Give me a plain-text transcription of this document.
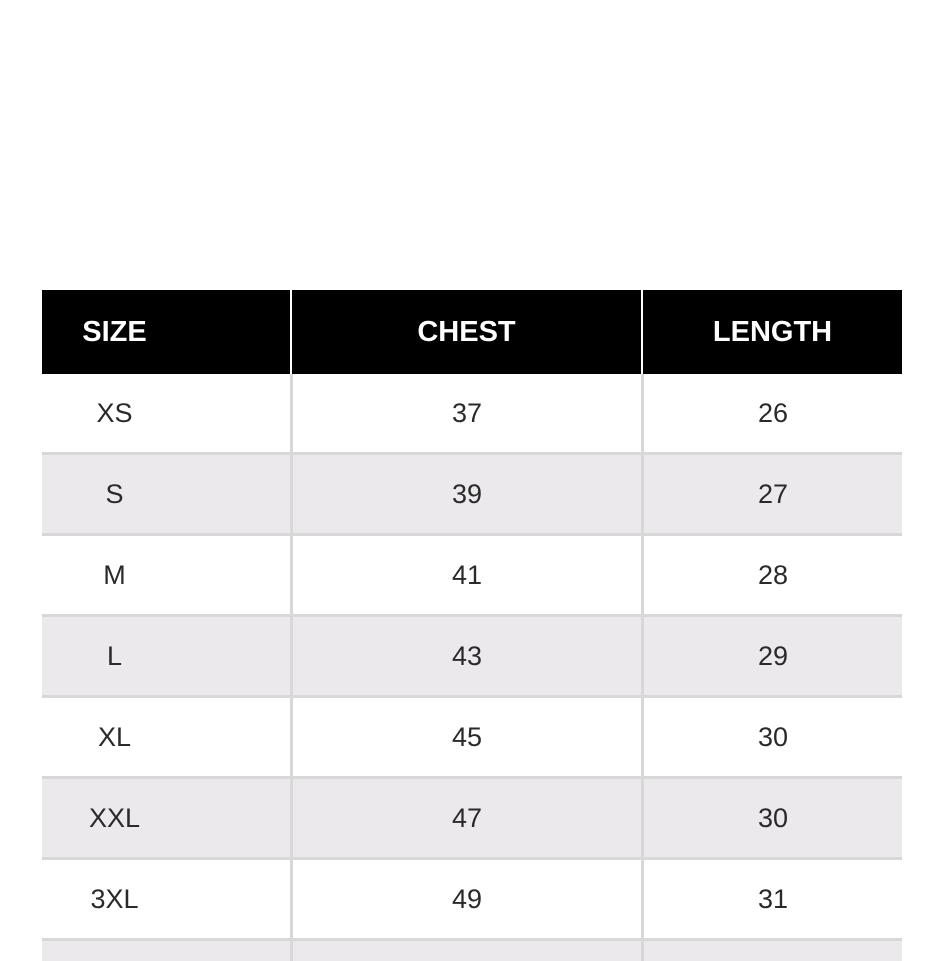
SIZE	CHEST	LENGTH
XS	37	26
S	39	27
M	41	28
L	43	29
XL	45	30
XXL	47	30
3XL	49	31
